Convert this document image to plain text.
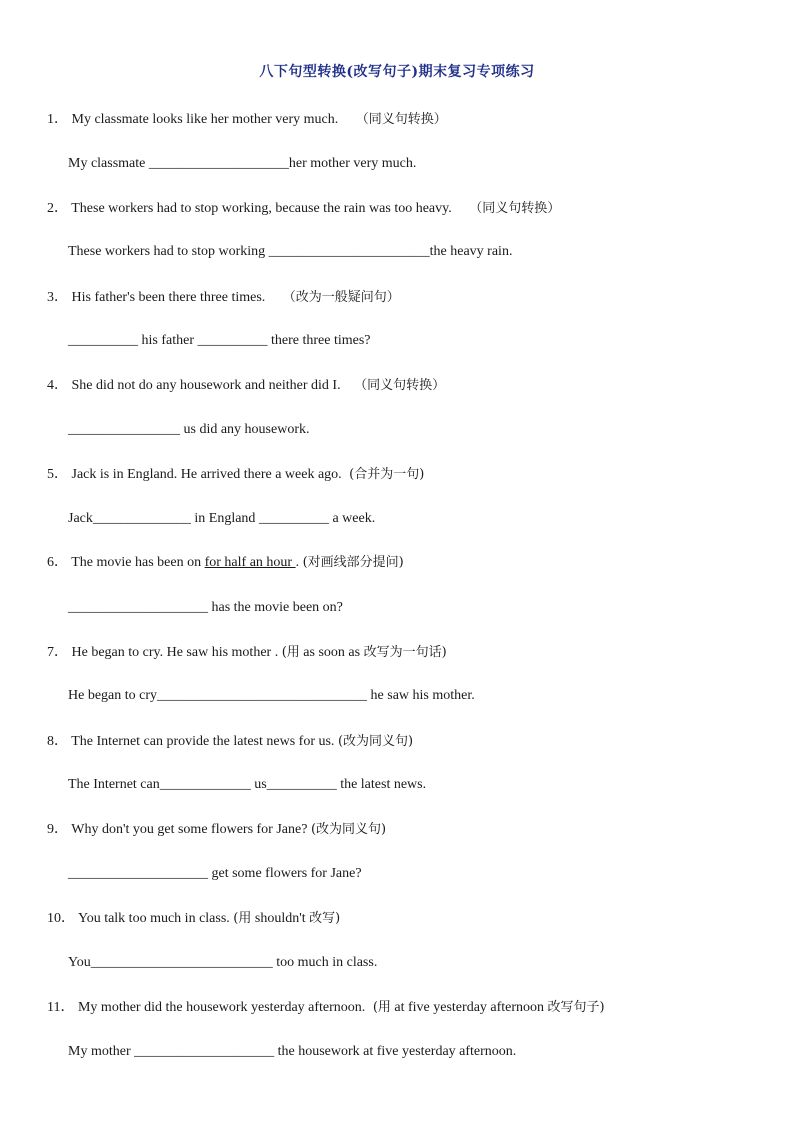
八下句型转换(改写句子)期末复习专项练习
1． My classmate looks like her mother very much. （同义句转换）
My classmate ____________________her mother very much.
2． These workers had to stop working, because the rain was too heavy. （同义句转换）
These workers had to stop working _______________________the heavy rain.
3． His father's been there three times. （改为一般疑问句）
__________ his father __________ there three times?
4． She did not do any housework and neither did I. （同义句转换）
________________ us did any housework.
5． Jack is in England. He arrived there a week ago. (合并为一句)
Jack______________ in England __________ a week.
6． The movie has been on for half an hour . (对画线部分提问)
____________________ has the movie been on?
7． He began to cry. He saw his mother . (用 as soon as 改写为一句话)
He began to cry______________________________ he saw his mother.
8． The Internet can provide the latest news for us. (改为同义句)
The Internet can_____________ us__________ the latest news.
9． Why don't you get some flowers for Jane? (改为同义句)
____________________ get some flowers for Jane?
10． You talk too much in class. (用 shouldn't 改写)
You__________________________ too much in class.
11． My mother did the housework yesterday afternoon. (用 at five yesterday afternoon 改写句子)
My mother ____________________ the housework at five yesterday afternoon.
